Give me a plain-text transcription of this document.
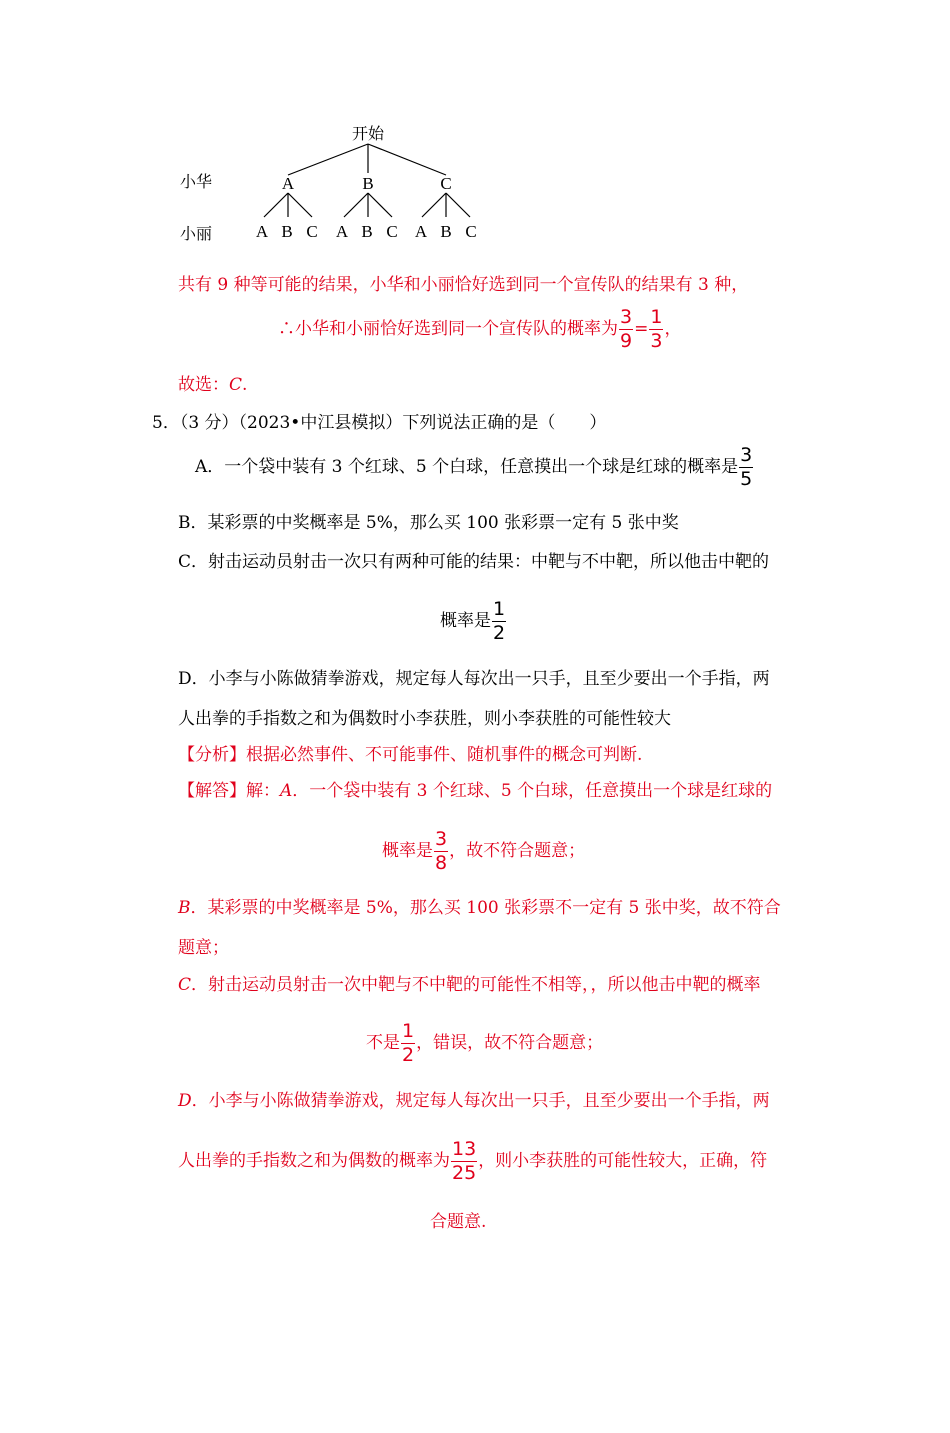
开始
小华
小丽
A	B	C
A B C A B C A B C
共有 9 种等可能的结果，小华和小丽恰好选到同一个宣传队的结果有 3 种，
∴小华和小丽恰好选到同一个宣传队的概率为 $\frac{3}{9} = \frac{1}{3}$ ，
故选：C.
5．（3 分）（2023•中江县模拟）下列说法正确的是（　　）
A．一个袋中装有 3 个红球、5 个白球，任意摸出一个球是红球的概率是 $\frac{3}{5}$
B．某彩票的中奖概率是 5%，那么买 100 张彩票一定有 5 张中奖
C．射击运动员射击一次只有两种可能的结果：中靶与不中靶，所以他击中靶的
概率是 $\frac{1}{2}$
D．小李与小陈做猜拳游戏，规定每人每次出一只手，且至少要出一个手指，两
人出拳的手指数之和为偶数时小李获胜，则小李获胜的可能性较大
【分析】根据必然事件、不可能事件、随机事件的概念可判断.
【解答】解：A．一个袋中装有 3 个红球、5 个白球，任意摸出一个球是红球的
概率是 $\frac{3}{8}$ ，故不符合题意；
B．某彩票的中奖概率是 5%，那么买 100 张彩票不一定有 5 张中奖，故不符合
题意；
C．射击运动员射击一次中靶与不中靶的可能性不相等，，所以他击中靶的概率
不是 $\frac{1}{2}$ ，错误，故不符合题意；
D．小李与小陈做猜拳游戏，规定每人每次出一只手，且至少要出一个手指，两
人出拳的手指数之和为偶数的概率为 $\frac{13}{25}$ ，则小李获胜的可能性较大，正确，符
合题意.
